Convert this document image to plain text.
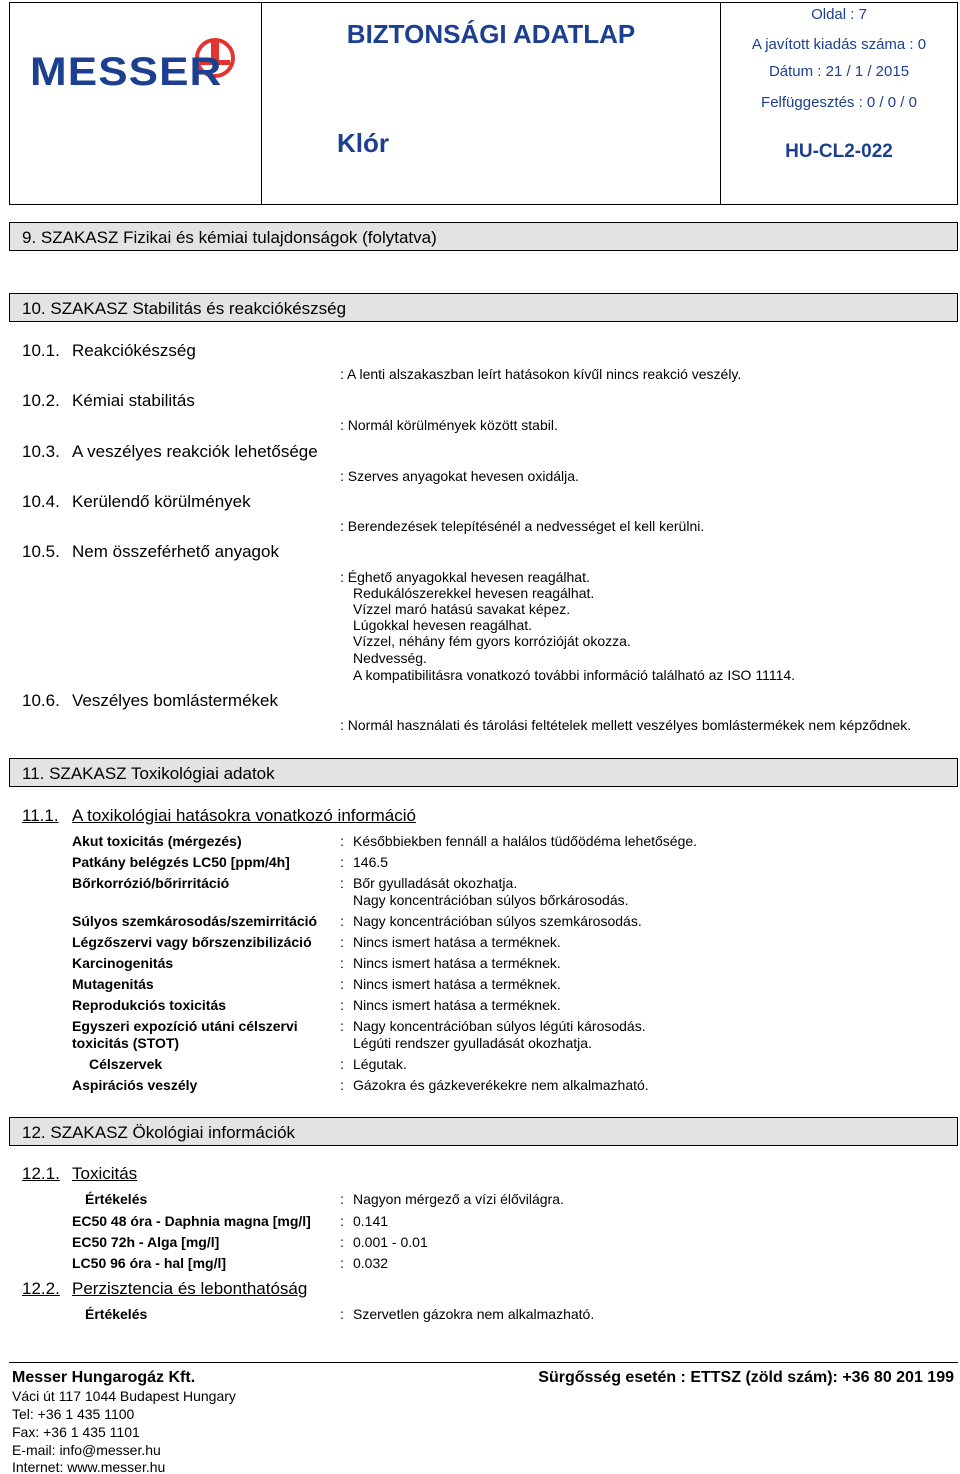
MESSER
BIZTONSÁGI ADATLAP
Klór
Oldal : 7
A javított kiadás száma : 0
Dátum : 21 / 1 / 2015
Felfüggesztés : 0 / 0 / 0
HU-CL2-022
9. SZAKASZ Fizikai és kémiai tulajdonságok (folytatva)
10. SZAKASZ Stabilitás és reakciókészség
10.1. Reakciókészség
: A lenti alszakaszban leírt hatásokon kívűl nincs reakció veszély.
10.2. Kémiai stabilitás
: Normál körülmények között stabil.
10.3. A veszélyes reakciók lehetősége
: Szerves anyagokat hevesen oxidálja.
10.4. Kerülendő körülmények
: Berendezések telepítésénél a nedvességet el kell kerülni.
10.5. Nem összeférhető anyagok
: Éghető anyagokkal hevesen reagálhat.
Redukálószerekkel hevesen reagálhat.
Vízzel maró hatású savakat képez.
Lúgokkal hevesen reagálhat.
Vízzel, néhány fém gyors korrózióját okozza.
Nedvesség.
A kompatibilitásra vonatkozó további információ található az ISO 11114.
10.6. Veszélyes bomlástermékek
: Normál használati és tárolási feltételek mellett veszélyes bomlástermékek nem képződnek.
11. SZAKASZ Toxikológiai adatok
11.1. A toxikológiai hatásokra vonatkozó információ
Akut toxicitás (mérgezés)	: Későbbiekben fennáll a halálos tüdőödéma lehetősége.
Patkány belégzés LC50 [ppm/4h]	: 146.5
Bőrkorrózió/bőrirritáció	: Bőr gyulladását okozhatja.
Nagy koncentrációban súlyos bőrkárosodás.
Súlyos szemkárosodás/szemirritáció : Nagy koncentrációban súlyos szemkárosodás.
Légzőszervi vagy bőrszenzibilizáció : Nincs ismert hatása a terméknek.
Karcinogenitás	: Nincs ismert hatása a terméknek.
Mutagenitás	: Nincs ismert hatása a terméknek.
Reprodukciós toxicitás	: Nincs ismert hatása a terméknek.
Egyszeri expozíció utáni célszervi
toxicitás (STOT)
: Nagy koncentrációban súlyos légúti károsodás.
Légúti rendszer gyulladását okozhatja.
Célszervek	: Légutak.
Aspirációs veszély	: Gázokra és gázkeverékekre nem alkalmazható.
12. SZAKASZ Ökológiai információk
12.1. Toxicitás
Értékelés	: Nagyon mérgező a vízi élővilágra.
EC50 48 óra - Daphnia magna [mg/l] : 0.141
EC50 72h - Alga [mg/l]	: 0.001 - 0.01
LC50 96 óra - hal [mg/l]	: 0.032
12.2. Perzisztencia és lebonthatóság
Értékelés	: Szervetlen gázokra nem alkalmazható.
Messer Hungarogáz Kft.	Sürgősség esetén : ETTSZ (zöld szám): +36 80 201 199
Váci út 117 1044 Budapest Hungary
Tel: +36 1 435 1100
Fax: +36 1 435 1101
E-mail: info@messer.hu
Internet: www.messer.hu
